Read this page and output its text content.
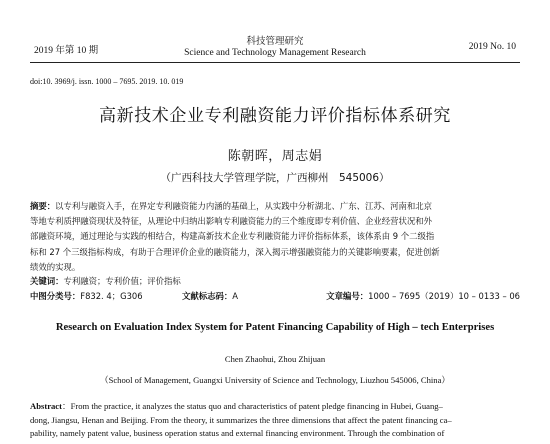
2019 年第 10 期
科技管理研究
Science and Technology Management Research
2019 No. 10
doi:10. 3969/j. issn. 1000 – 7695. 2019. 10. 019
高新技术企业专利融资能力评价指标体系研究
陈朝晖，周志娟
（广西科技大学管理学院，广西柳州　545006）
摘要：以专利与融资入手，在界定专利融资能力内涵的基础上，从实践中分析湖北、广东、江苏、河南和北京
等地专利质押融资现状及特征，从理论中归纳出影响专利融资能力的三个维度即专利价值、企业经营状况和外
部融资环境，通过理论与实践的相结合，构建高新技术企业专利融资能力评价指标体系，该体系由 9 个二级指
标和 27 个三级指标构成，有助于合理评价企业的融资能力，深入揭示增强融资能力的关键影响要素，促进创新
绩效的实现。
关键词：专利融资；专利价值；评价指标
中图分类号：F832. 4；G306	文献标志码：A	文章编号：1000 – 7695（2019）10 – 0133 – 06
Research on Evaluation Index System for Patent Financing Capability of High – tech Enterprises
Chen Zhaohui, Zhou Zhijuan
（School of Management, Guangxi University of Science and Technology, Liuzhou 545006, China）
Abstract：From the practice, it analyzes the status quo and characteristics of patent pledge financing in Hubei, Guang–
dong, Jiangsu, Henan and Beijing. From the theory, it summarizes the three dimensions that affect the patent financing ca–
pability, namely patent value, business operation status and external financing environment. Through the combination of
